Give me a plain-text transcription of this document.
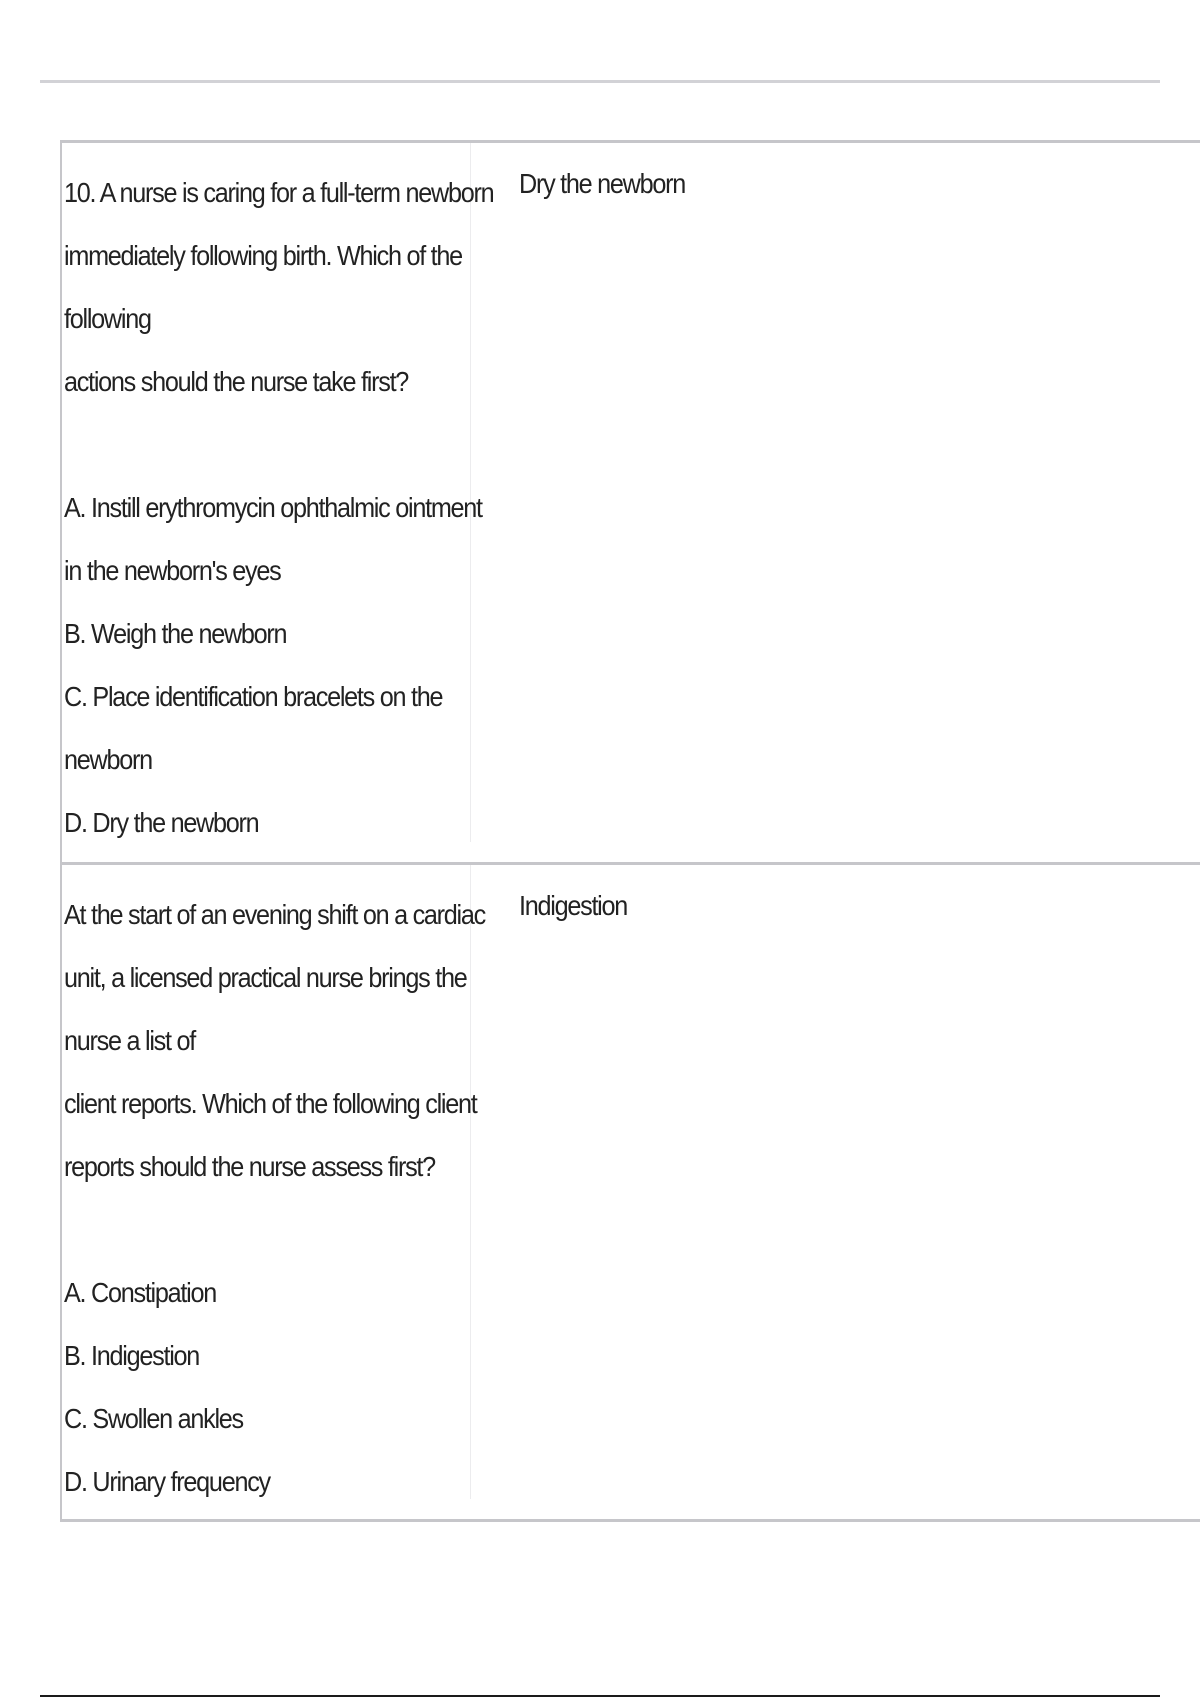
10. A nurse is caring for a full-term newborn
immediately following birth. Which of the
following
actions should the nurse take first?
A. Instill erythromycin ophthalmic ointment
in the newborn's eyes
B. Weigh the newborn
C. Place identification bracelets on the
newborn
D. Dry the newborn
Dry the newborn
At the start of an evening shift on a cardiac
unit, a licensed practical nurse brings the
nurse a list of
client reports. Which of the following client
reports should the nurse assess first?
A. Constipation
B. Indigestion
C. Swollen ankles
D. Urinary frequency
Indigestion
